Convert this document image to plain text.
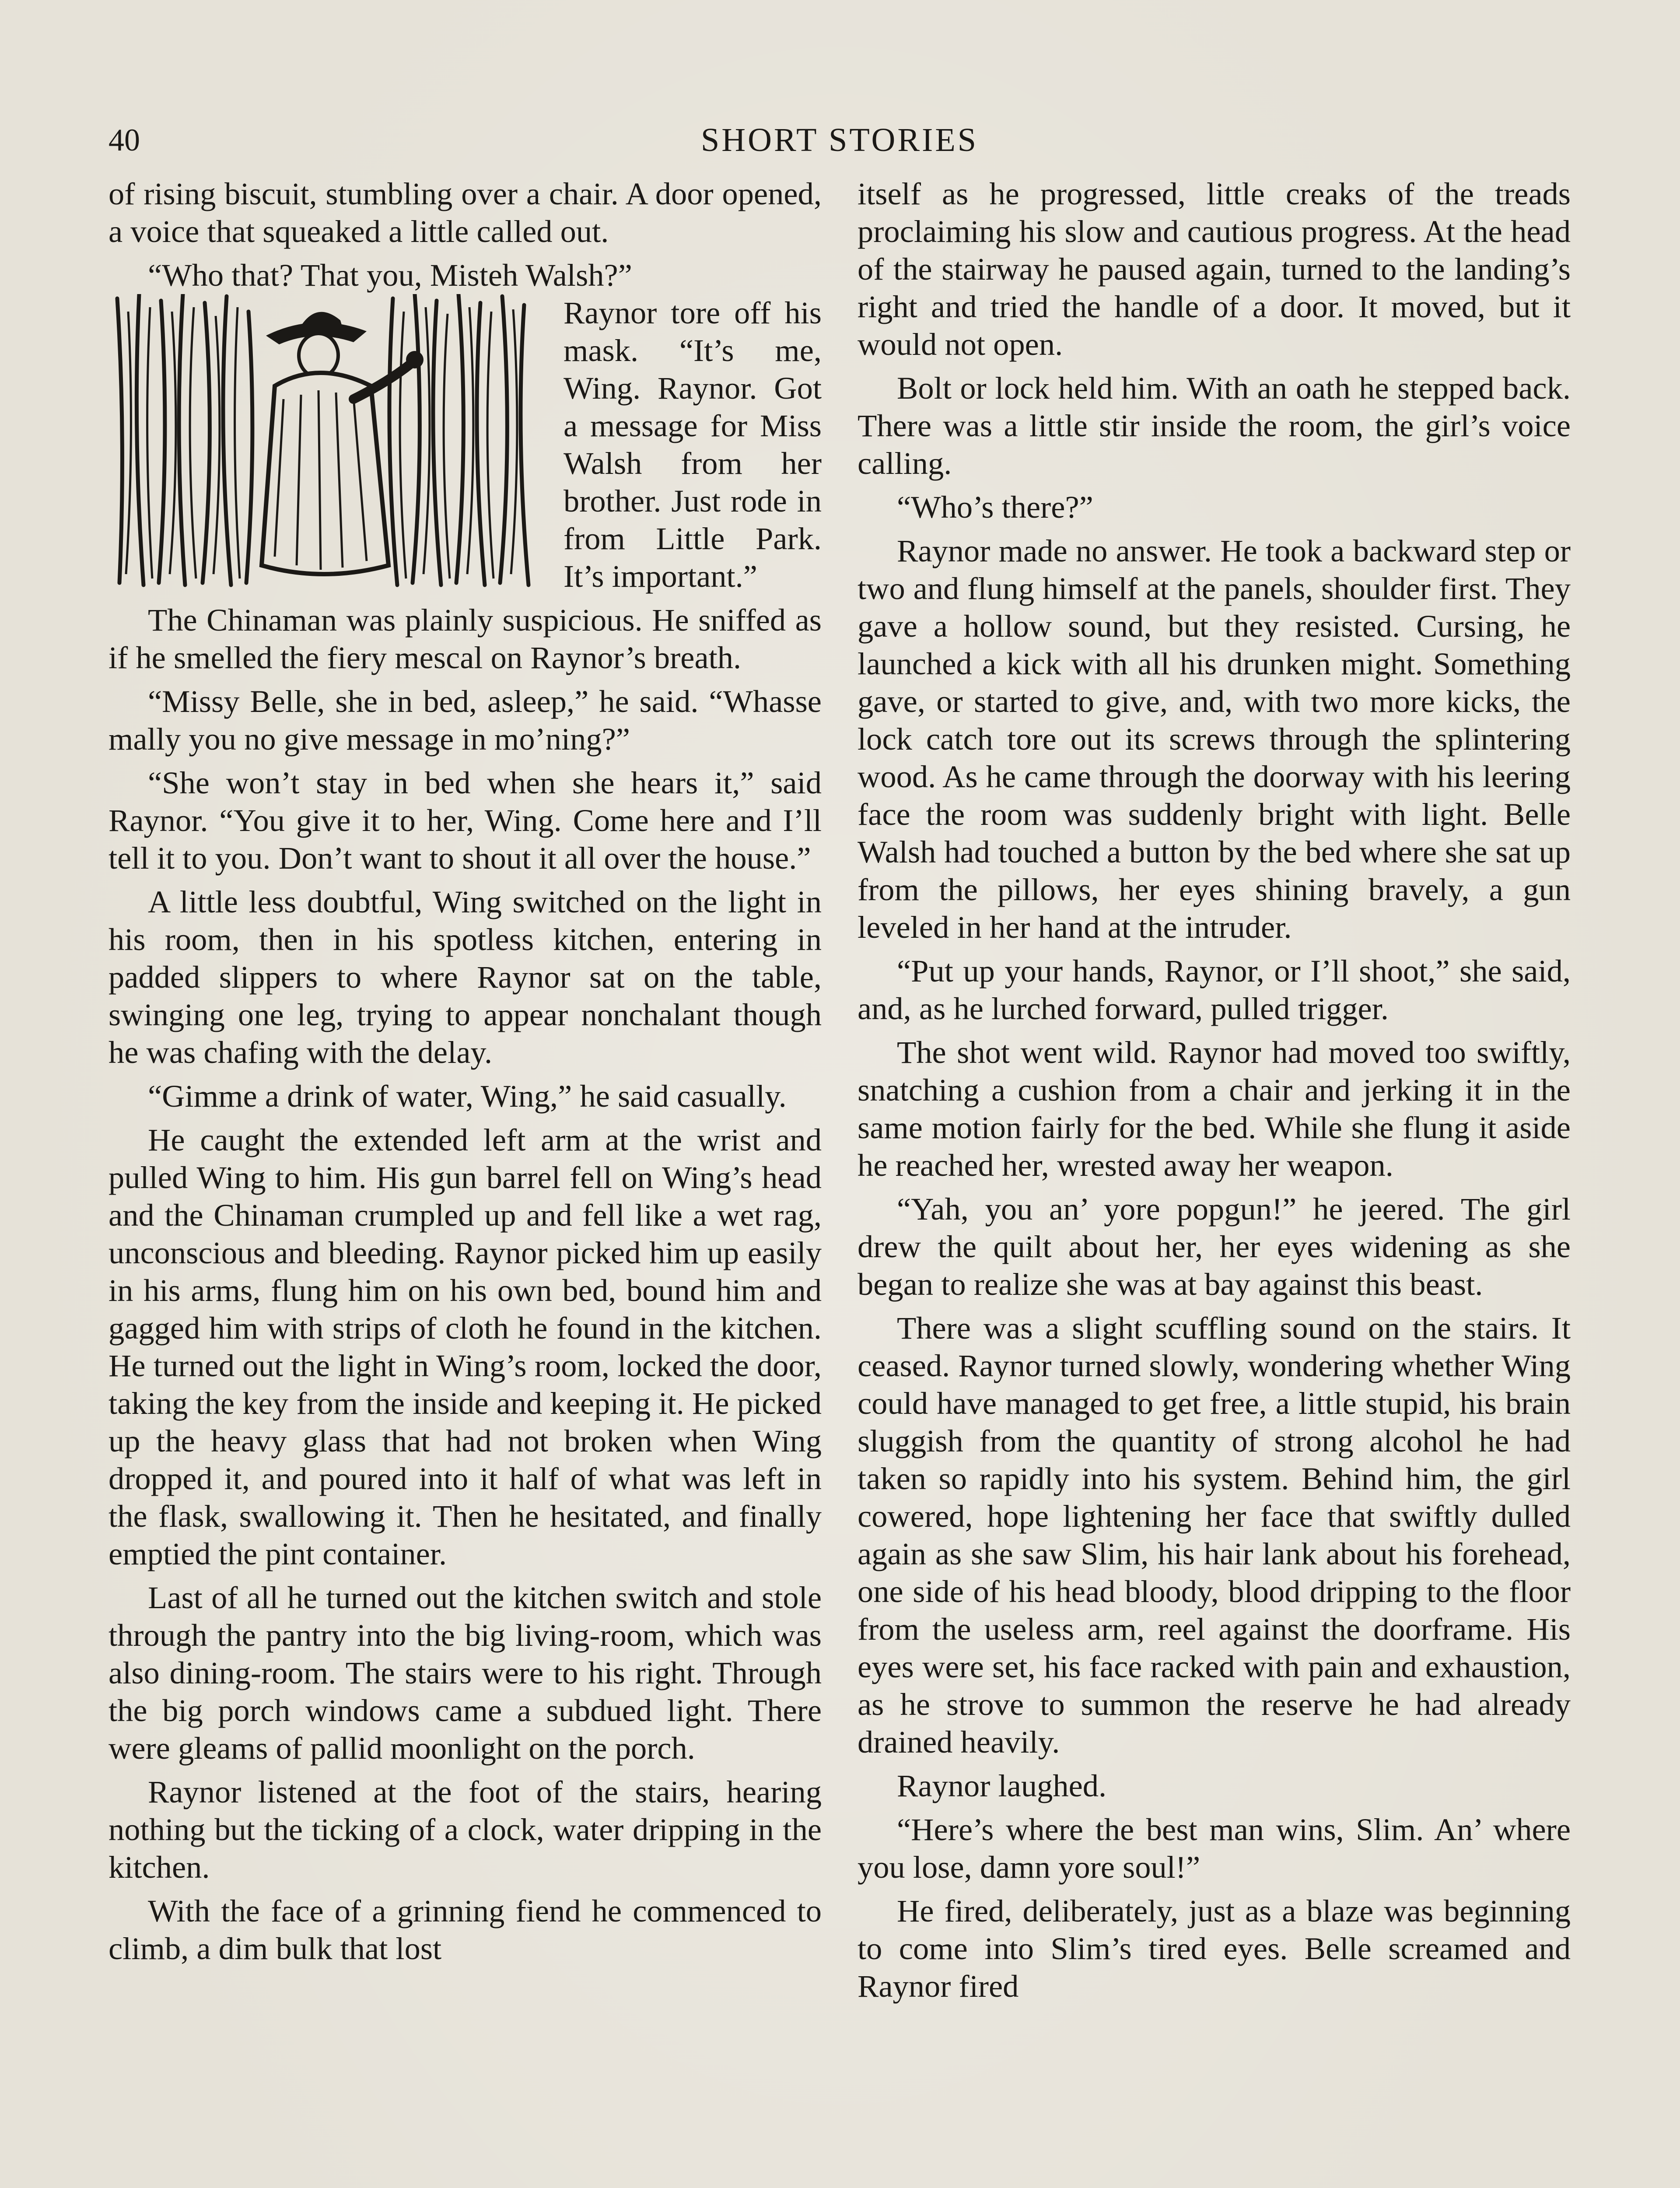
40	SHORT STORIES

of rising biscuit, stumbling over a chair. A door opened, a voice that squeaked a little called out.

“Who that? That you, Misteh Walsh?”

Raynor tore off his mask. “It’s me, Wing. Raynor. Got a message for Miss Walsh from her brother. Just rode in from Little Park. It’s important.”

The Chinaman was plainly suspicious. He sniffed as if he smelled the fiery mescal on Raynor’s breath.

“Missy Belle, she in bed, asleep,” he said. “Whasse mally you no give message in mo’ning?”

“She won’t stay in bed when she hears it,” said Raynor. “You give it to her, Wing. Come here and I’ll tell it to you. Don’t want to shout it all over the house.”

A little less doubtful, Wing switched on the light in his room, then in his spotless kitchen, entering in padded slippers to where Raynor sat on the table, swinging one leg, trying to appear nonchalant though he was chafing with the delay.

“Gimme a drink of water, Wing,” he said casually.

He caught the extended left arm at the wrist and pulled Wing to him. His gun barrel fell on Wing’s head and the Chinaman crumpled up and fell like a wet rag, unconscious and bleeding. Raynor picked him up easily in his arms, flung him on his own bed, bound him and gagged him with strips of cloth he found in the kitchen. He turned out the light in Wing’s room, locked the door, taking the key from the inside and keeping it. He picked up the heavy glass that had not broken when Wing dropped it, and poured into it half of what was left in the flask, swallowing it. Then he hesitated, and finally emptied the pint container.

Last of all he turned out the kitchen switch and stole through the pantry into the big living-room, which was also dining-room. The stairs were to his right. Through the big porch windows came a subdued light. There were gleams of pallid moonlight on the porch.

Raynor listened at the foot of the stairs, hearing nothing but the ticking of a clock, water dripping in the kitchen.

With the face of a grinning fiend he commenced to climb, a dim bulk that lost

itself as he progressed, little creaks of the treads proclaiming his slow and cautious progress. At the head of the stairway he paused again, turned to the landing’s right and tried the handle of a door. It moved, but it would not open.

Bolt or lock held him. With an oath he stepped back. There was a little stir inside the room, the girl’s voice calling.

“Who’s there?”

Raynor made no answer. He took a backward step or two and flung himself at the panels, shoulder first. They gave a hollow sound, but they resisted. Cursing, he launched a kick with all his drunken might. Something gave, or started to give, and, with two more kicks, the lock catch tore out its screws through the splintering wood. As he came through the doorway with his leering face the room was suddenly bright with light. Belle Walsh had touched a button by the bed where she sat up from the pillows, her eyes shining bravely, a gun leveled in her hand at the intruder.

“Put up your hands, Raynor, or I’ll shoot,” she said, and, as he lurched forward, pulled trigger.

The shot went wild. Raynor had moved too swiftly, snatching a cushion from a chair and jerking it in the same motion fairly for the bed. While she flung it aside he reached her, wrested away her weapon.

“Yah, you an’ yore popgun!” he jeered. The girl drew the quilt about her, her eyes widening as she began to realize she was at bay against this beast.

There was a slight scuffling sound on the stairs. It ceased. Raynor turned slowly, wondering whether Wing could have managed to get free, a little stupid, his brain sluggish from the quantity of strong alcohol he had taken so rapidly into his system. Behind him, the girl cowered, hope lightening her face that swiftly dulled again as she saw Slim, his hair lank about his forehead, one side of his head bloody, blood dripping to the floor from the useless arm, reel against the doorframe. His eyes were set, his face racked with pain and exhaustion, as he strove to summon the reserve he had already drained heavily.

Raynor laughed.

“Here’s where the best man wins, Slim. An’ where you lose, damn yore soul!”

He fired, deliberately, just as a blaze was beginning to come into Slim’s tired eyes. Belle screamed and Raynor fired
